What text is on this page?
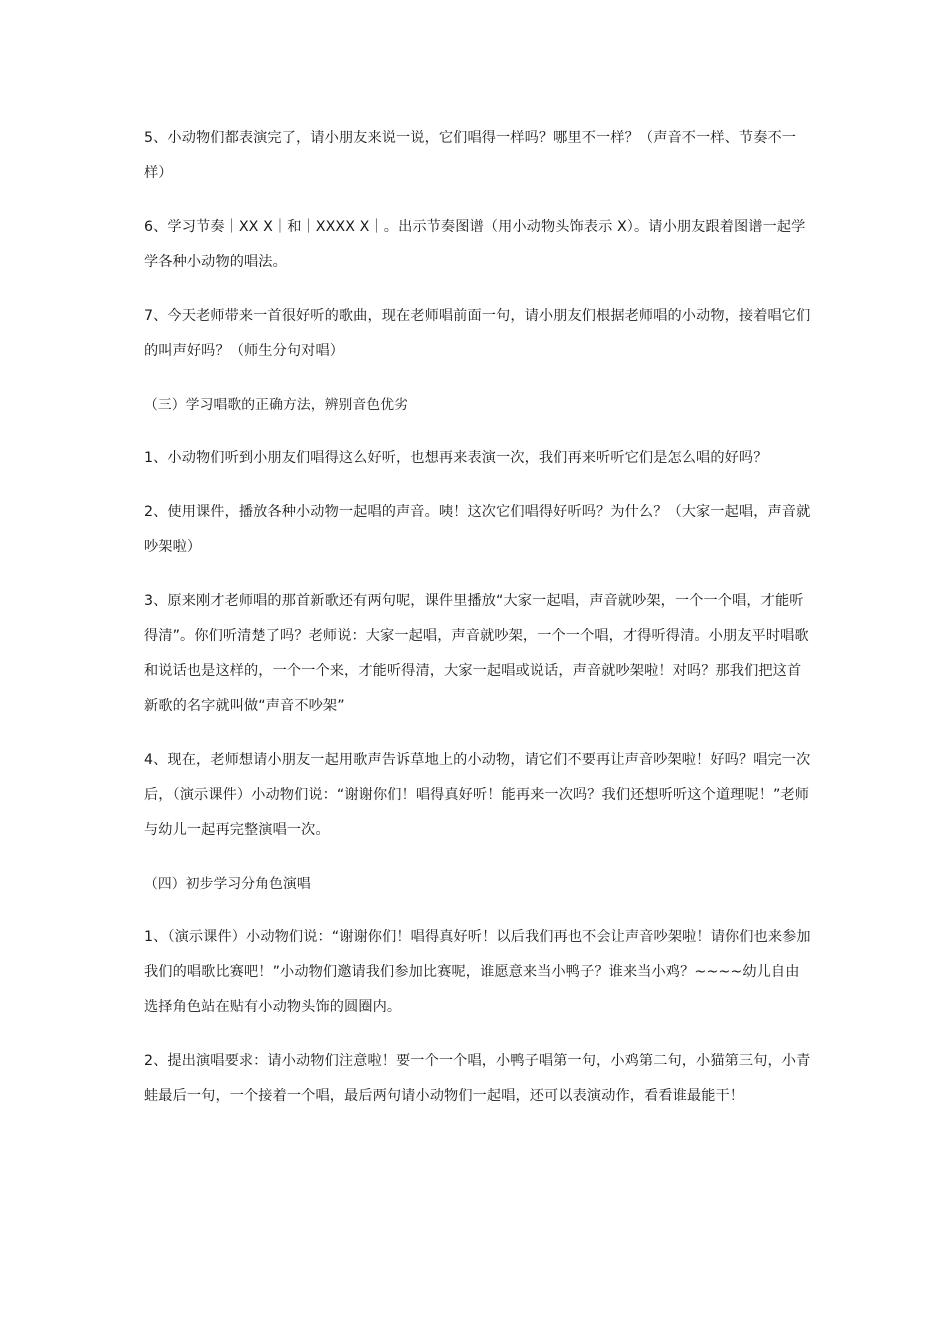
5、小动物们都表演完了，请小朋友来说一说，它们唱得一样吗？哪里不一样？（声音不一样、节奏不一样）

6、学习节奏｜XX X｜和｜XXXX X｜。出示节奏图谱（用小动物头饰表示 X）。请小朋友跟着图谱一起学学各种小动物的唱法。

7、今天老师带来一首很好听的歌曲，现在老师唱前面一句，请小朋友们根据老师唱的小动物，接着唱它们的叫声好吗？（师生分句对唱）

（三）学习唱歌的正确方法，辨别音色优劣

1、小动物们听到小朋友们唱得这么好听，也想再来表演一次，我们再来听听它们是怎么唱的好吗？

2、使用课件，播放各种小动物一起唱的声音。咦！这次它们唱得好听吗？为什么？（大家一起唱，声音就吵架啦）

3、原来刚才老师唱的那首新歌还有两句呢，课件里播放“大家一起唱，声音就吵架，一个一个唱，才能听得清”。你们听清楚了吗？老师说：大家一起唱，声音就吵架，一个一个唱，才得听得清。小朋友平时唱歌和说话也是这样的，一个一个来，才能听得清，大家一起唱或说话，声音就吵架啦！对吗？那我们把这首新歌的名字就叫做“声音不吵架”

4、现在，老师想请小朋友一起用歌声告诉草地上的小动物，请它们不要再让声音吵架啦！好吗？唱完一次后，（演示课件）小动物们说：“谢谢你们！唱得真好听！能再来一次吗？我们还想听听这个道理呢！”老师与幼儿一起再完整演唱一次。

（四）初步学习分角色演唱

1、（演示课件）小动物们说：“谢谢你们！唱得真好听！以后我们再也不会让声音吵架啦！请你们也来参加我们的唱歌比赛吧！”小动物们邀请我们参加比赛呢，谁愿意来当小鸭子？谁来当小鸡？~~~~幼儿自由选择角色站在贴有小动物头饰的圆圈内。

2、提出演唱要求：请小动物们注意啦！要一个一个唱，小鸭子唱第一句，小鸡第二句，小猫第三句，小青蛙最后一句，一个接着一个唱，最后两句请小动物们一起唱，还可以表演动作，看看谁最能干！
